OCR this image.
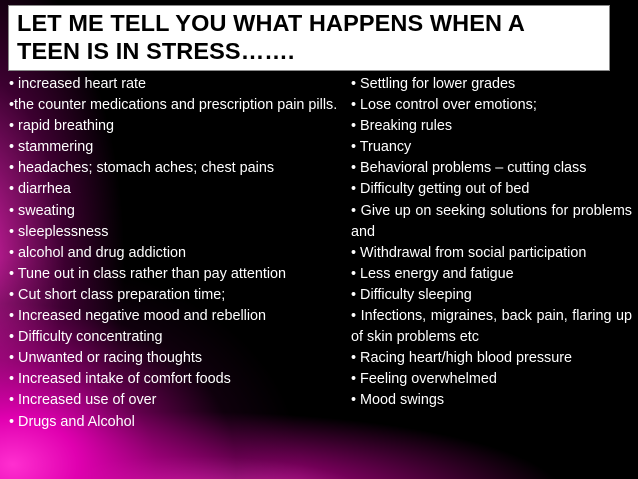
LET ME TELL YOU WHAT HAPPENS WHEN A
TEEN IS IN STRESS…….

• increased heart rate

•the counter medications and prescription pain pills.

• rapid breathing

• stammering

• headaches; stomach aches; chest pains

• diarrhea

• sweating

• sleeplessness

• alcohol and drug addiction

• Tune out in class rather than pay attention

• Cut short class preparation time;

• Increased negative mood and rebellion

• Difficulty concentrating

• Unwanted or racing thoughts

• Increased intake of comfort foods

• Increased use of over

• Drugs and Alcohol

• Settling for lower grades

• Lose control over emotions;

• Breaking rules

• Truancy

• Behavioral problems – cutting class

• Difficulty getting out of bed

• Give up on seeking solutions for problems and

• Withdrawal from social participation

• Less energy and fatigue

• Difficulty sleeping

• Infections, migraines, back pain, flaring up of skin problems etc

• Racing heart/high blood pressure

• Feeling overwhelmed

• Mood swings
